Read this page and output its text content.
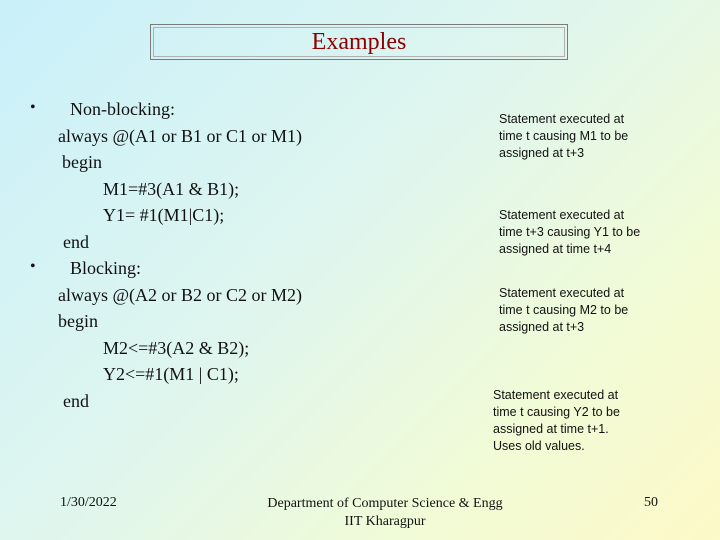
Examples
• Non-blocking:
always @(A1 or B1 or C1 or M1)
begin
M1=#3(A1 & B1);
Y1= #1(M1|C1);
end
• Blocking:
always @(A2 or B2 or C2 or M2)
begin
M2<=#3(A2 & B2);
Y2<=#1(M1 | C1);
end
Statement executed at
time t causing M1 to be
assigned at t+3
Statement executed at
time t+3 causing Y1 to be
assigned at time t+4
Statement executed at
time t causing M2 to be
assigned at t+3
Statement executed at
time t causing Y2 to be
assigned at time t+1.
Uses old values.
1/30/2022	Department of Computer Science & Engg
IIT Kharagpur
50
